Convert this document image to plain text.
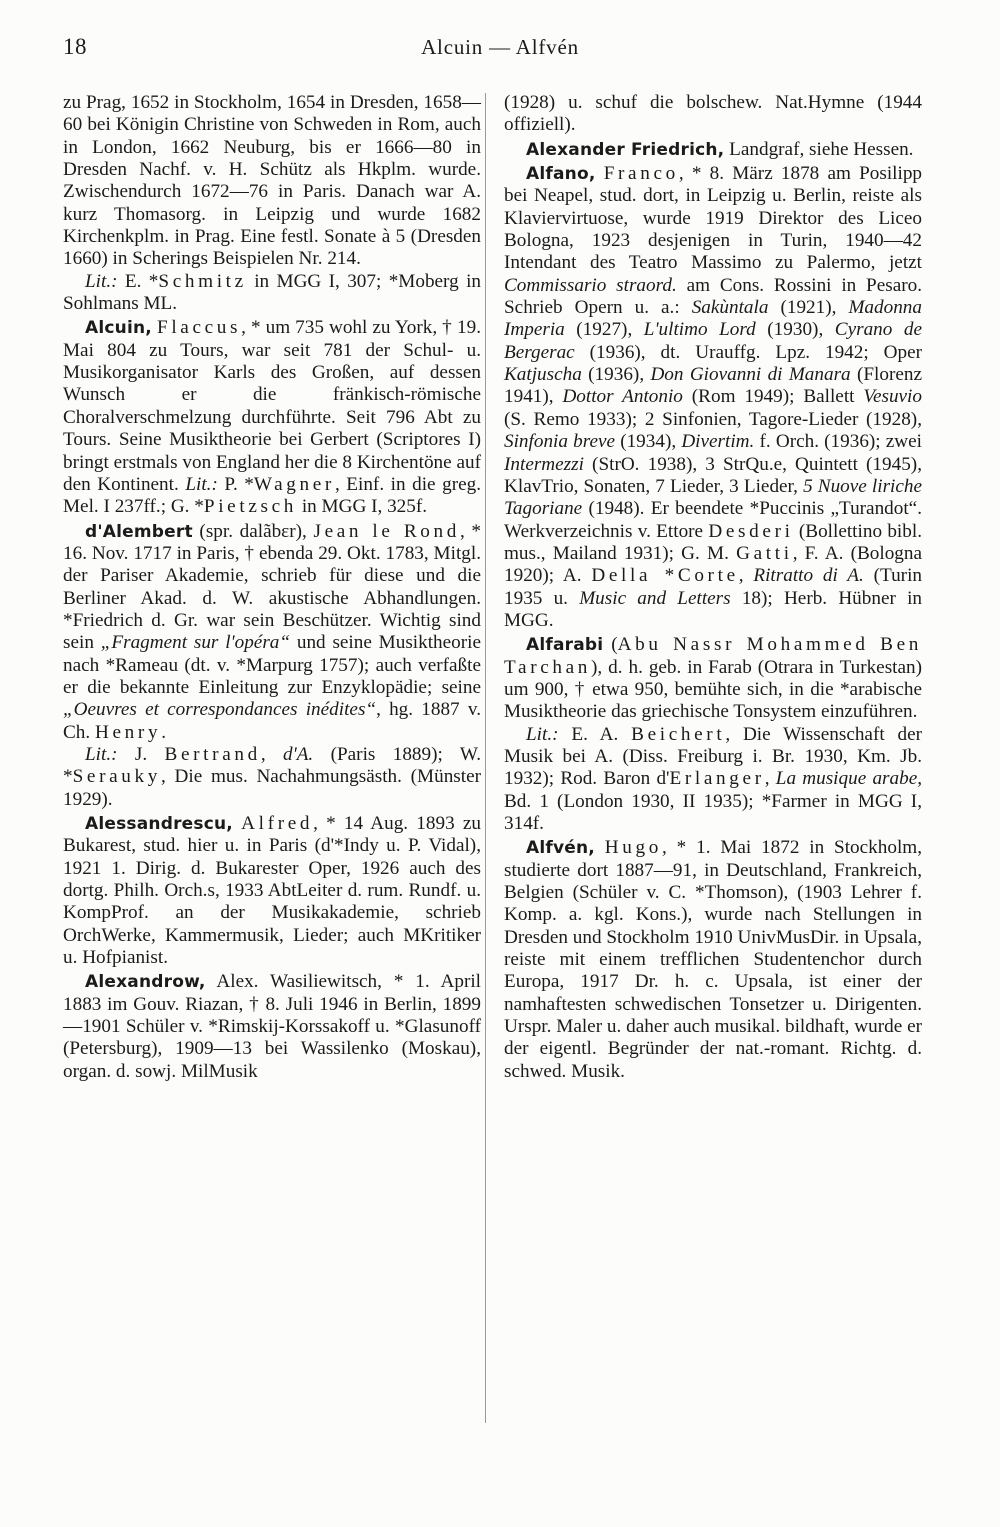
18	Alcuin — Alfvén

zu Prag, 1652 in Stockholm, 1654 in Dresden, 1658—60 bei Königin Christine von Schweden in Rom, auch in London, 1662 Neuburg, bis er 1666—80 in Dresden Nachf. v. H. Schütz als Hkplm. wurde. Zwischendurch 1672—76 in Paris. Danach war A. kurz Thomasorg. in Leipzig und wurde 1682 Kirchenkplm. in Prag. Eine festl. Sonate à 5 (Dresden 1660) in Scherings Beispielen Nr. 214.

Lit.: E. *Schmitz in MGG I, 307; *Moberg in Sohlmans ML.

Alcuin, Flaccus, * um 735 wohl zu York, † 19. Mai 804 zu Tours, war seit 781 der Schul- u. Musikorganisator Karls des Großen, auf dessen Wunsch er die fränkisch-römische Choralverschmelzung durchführte. Seit 796 Abt zu Tours. Seine Musiktheorie bei Gerbert (Scriptores I) bringt erstmals von England her die 8 Kirchentöne auf den Kontinent. Lit.: P. *Wagner, Einf. in die greg. Mel. I 237ff.; G. *Pietzsch in MGG I, 325f.

d'Alembert (spr. dalãbεr), Jean le Rond, * 16. Nov. 1717 in Paris, † ebenda 29. Okt. 1783, Mitgl. der Pariser Akademie, schrieb für diese und die Berliner Akad. d. W. akustische Abhandlungen. *Friedrich d. Gr. war sein Beschützer. Wichtig sind sein „Fragment sur l'opéra“ und seine Musiktheorie nach *Rameau (dt. v. *Marpurg 1757); auch verfaßte er die bekannte Einleitung zur Enzyklopädie; seine „Oeuvres et correspondances inédites“, hg. 1887 v. Ch. Henry.

Lit.: J. Bertrand, d'A. (Paris 1889); W. *Serauky, Die mus. Nachahmungsästh. (Münster 1929).

Alessandrescu, Alfred, * 14 Aug. 1893 zu Bukarest, stud. hier u. in Paris (d'*Indy u. P. Vidal), 1921 1. Dirig. d. Bukarester Oper, 1926 auch des dortg. Philh. Orch.s, 1933 AbtLeiter d. rum. Rundf. u. KompProf. an der Musikakademie, schrieb OrchWerke, Kammermusik, Lieder; auch MKritiker u. Hofpianist.

Alexandrow, Alex. Wasiliewitsch, * 1. April 1883 im Gouv. Riazan, † 8. Juli 1946 in Berlin, 1899—1901 Schüler v. *Rimskij-Korssakoff u. *Glasunoff (Petersburg), 1909—13 bei Wassilenko (Moskau), organ. d. sowj. MilMusik

(1928) u. schuf die bolschew. Nat.Hymne (1944 offiziell).

Alexander Friedrich, Landgraf, siehe Hessen.

Alfano, Franco, * 8. März 1878 am Posilipp bei Neapel, stud. dort, in Leipzig u. Berlin, reiste als Klaviervirtuose, wurde 1919 Direktor des Liceo Bologna, 1923 desjenigen in Turin, 1940—42 Intendant des Teatro Massimo zu Palermo, jetzt Commissario straord. am Cons. Rossini in Pesaro. Schrieb Opern u. a.: Sakùntala (1921), Madonna Imperia (1927), L'ultimo Lord (1930), Cyrano de Bergerac (1936), dt. Urauffg. Lpz. 1942; Oper Katjuscha (1936), Don Giovanni di Manara (Florenz 1941), Dottor Antonio (Rom 1949); Ballett Vesuvio (S. Remo 1933); 2 Sinfonien, Tagore-Lieder (1928), Sinfonia breve (1934), Divertim. f. Orch. (1936); zwei Intermezzi (StrO. 1938), 3 StrQu.e, Quintett (1945), KlavTrio, Sonaten, 7 Lieder, 3 Lieder, 5 Nuove liriche Tagoriane (1948). Er beendete *Puccinis „Turandot“. Werkverzeichnis v. Ettore Desderi (Bollettino bibl. mus., Mailand 1931); G. M. Gatti, F. A. (Bologna 1920); A. Della *Corte, Ritratto di A. (Turin 1935 u. Music and Letters 18); Herb. Hübner in MGG.

Alfarabi (Abu Nassr Mohammed Ben Tarchan), d. h. geb. in Farab (Otrara in Turkestan) um 900, † etwa 950, bemühte sich, in die *arabische Musiktheorie das griechische Tonsystem einzuführen.

Lit.: E. A. Beichert, Die Wissenschaft der Musik bei A. (Diss. Freiburg i. Br. 1930, Km. Jb. 1932); Rod. Baron d'Erlanger, La musique arabe, Bd. 1 (London 1930, II 1935); *Farmer in MGG I, 314f.

Alfvén, Hugo, * 1. Mai 1872 in Stockholm, studierte dort 1887—91, in Deutschland, Frankreich, Belgien (Schüler v. C. *Thomson), (1903 Lehrer f. Komp. a. kgl. Kons.), wurde nach Stellungen in Dresden und Stockholm 1910 UnivMusDir. in Upsala, reiste mit einem trefflichen Studentenchor durch Europa, 1917 Dr. h. c. Upsala, ist einer der namhaftesten schwedischen Tonsetzer u. Dirigenten. Urspr. Maler u. daher auch musikal. bildhaft, wurde er der eigentl. Begründer der nat.-romant. Richtg. d. schwed. Musik.
